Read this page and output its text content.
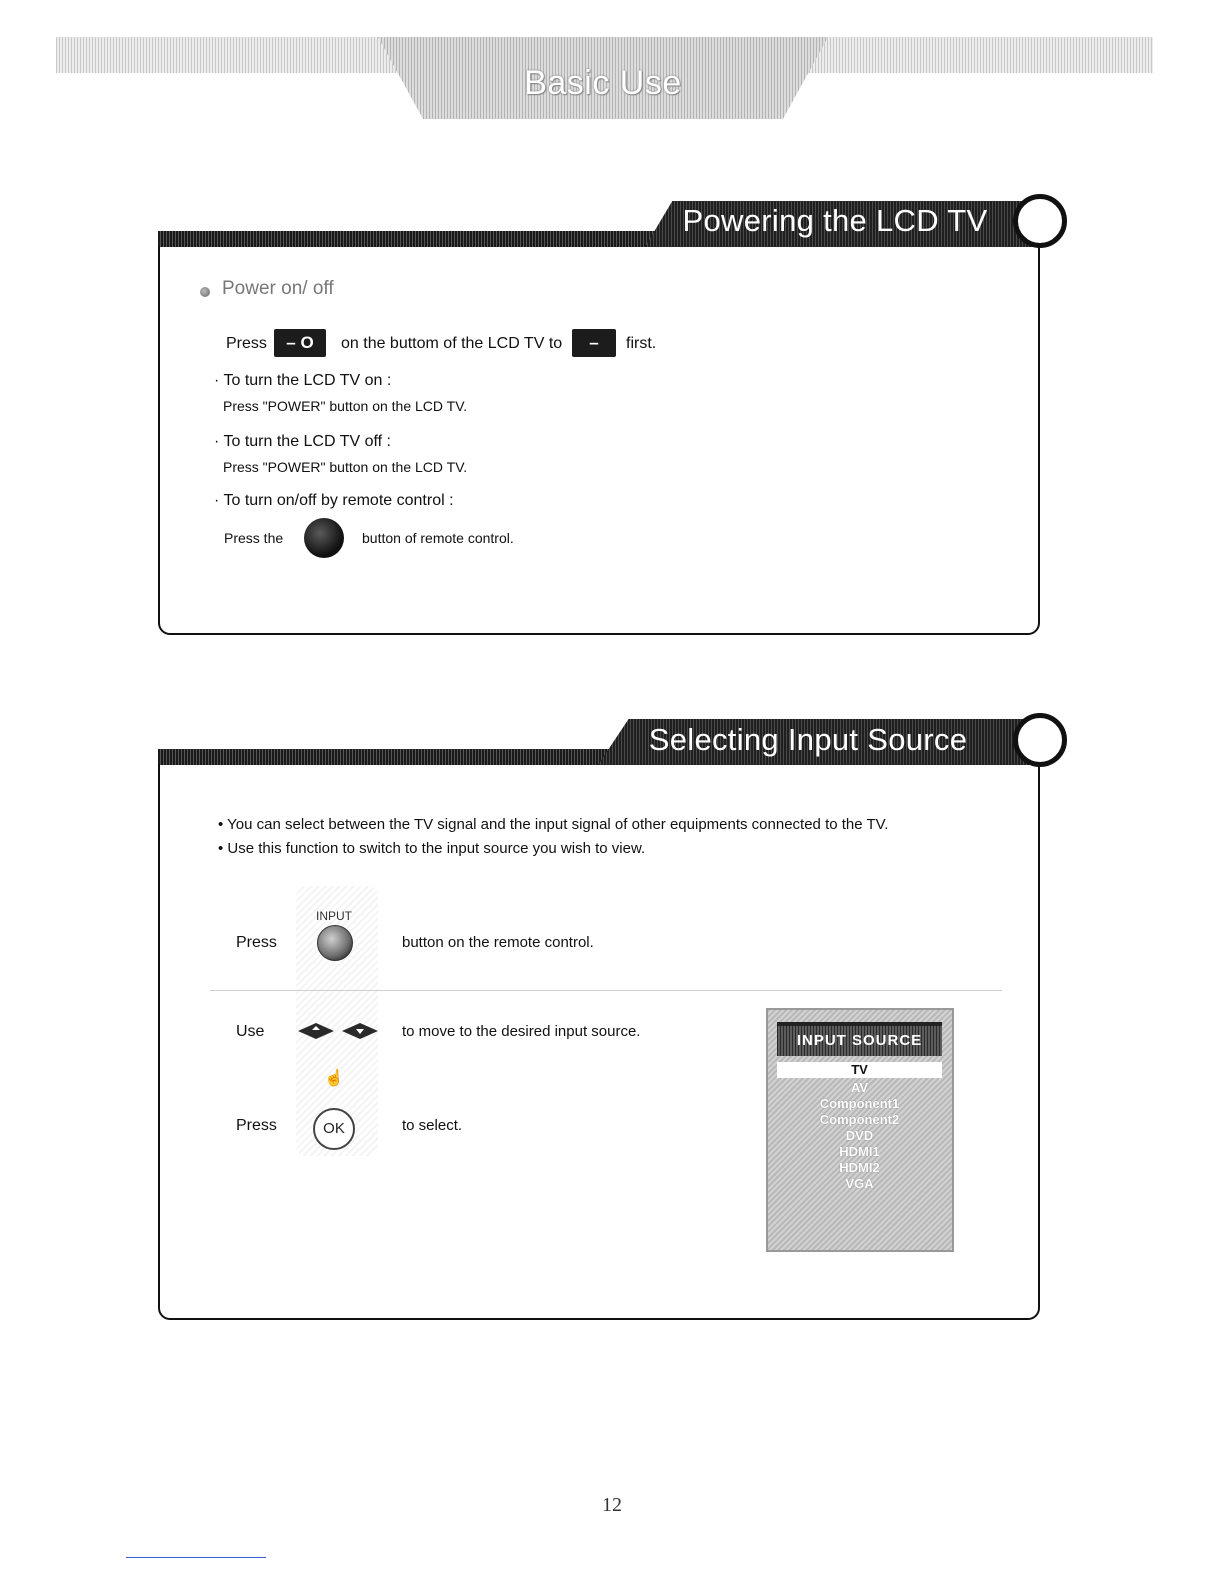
Basic Use
Powering the LCD TV
Power on/ off
Press	– O	on the buttom of the LCD TV to	–	first.
· To turn the LCD TV on :
Press "POWER" button on the LCD TV.
· To turn the LCD TV off :
Press "POWER" button on the LCD TV.
· To turn on/off by remote control :
Press the	button of remote control.
Selecting Input Source
• You can select between the TV signal and the input signal of other equipments connected to the TV.
• Use this function to switch to the input source you wish to view.
Press
INPUT
button on the remote control.
Use
☝
to move to the desired input source.
Press	OK	to select.
INPUT SOURCE
TV
AV
Component1
Component2
DVD
HDMI1
HDMI2
VGA
12
